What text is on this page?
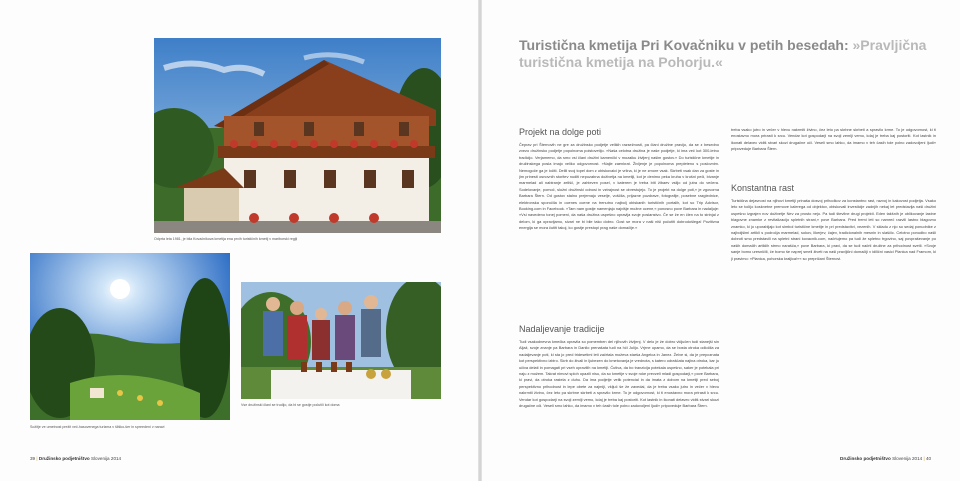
Odprta leta 1981, je bila Kovačnikova kmetija ena prvih turističnih kmetij v mariborski regiji
Sožitje ve umetnost prežit več-hasovenega turizma v šliško-šer in spreedeni v naravi
Vse družinski člani se trudijo, da bi se gostje počutili kot doma
39 | Družinsko podjetništvo Slovenija 2014
Turistična kmetija Pri Kovačniku v petih besedah: »Pravljična turistična kmetija na Pohorju.«
Projekt na dolge poti
Čeprav pri Šternovih ne gre za družinsko podjetje velikih razsežnosti, pa člani družine pravijo, da se z besedno zvezo družinsko podjetje popolnoma poistovetijo. »Naša celotna družina je naše podjetje, ki ima več kot 300-letno tradicijo. Verjamemo, da smo vsi člani družini kamenčki v mozaiku življenj našim gostov.« Do turistične kmetije in družinskega posla imajo veliko odgovornost. »Najle zaenkrat. Življenje je popolnoma prepleteno s poslovnim. Nemogoče ga je ločiti. Delili svoj topel dom z obiskovalci je vrlina, ki je ne zmore vsak. Skrbeti vsak dan za goste in jim prinesti osnovnih storitev nuditi nepozabna doživetja na kmetiji, kot je denimo peka kruha v krušni peči, bivanje marmelad ali nabiranje zelišč, je zahteven posel, v katerem je treba biti žibaev vsiljo od jutra do večera. Sodelovanje, pomoč, složni družinski odnosi in vztrajnost se obrestujejo. To je projekt na dolge poti,« je zgovorna Barbara Štern. Od gostov stalno prejemajo veselje, voščila, prijazne pozdrave, fotografije, posebne razglednice, elektronska sporočila in ocenes ocene na trenutno najbolj obiskanih turističnih portalih, kot so Trip Advisor, Booking.com in Facebook. »Tam nam gostje namenjajo najvišje možne ocene,« ponosno pove Barbara in nadaljuje: »Vsi navedeno tonej pomeni, da naša družina uspešno opravlja svoje poslanstvo. Če se že en člen na to strinjal z delom, ki ga opravljamo, sivari ne bi bile tako dobro. Gost se mora v naši niši počutiti dobrodošlega! Pozitivna energija se mora čutiti takoj, ko gostje prestopi prag naše domačije.«
Nadaljevanje tradicije
Tudi vsakodnevna kmečka opravila so pomemben del njihovih življenj. V delo je že dobro vključen tudi stanejši sin Aljaž, svoje znanje pa Barbara in Danilo prenašata tudi na hči Julijo. Vrjrne upamo, da se bosta otroka odločila za nadaljevanje poti, ki sta jo pred tridesetimi leti začrtala moževa starša Angelca in Janez. Želve si, da je prepoznata kot perspektivno izbiro. Skrb do živali in ljubezen do kmetovanja je vrednota, s katero odraščata najina otroka, kar ju učiva delati in pomagati pri vseh opravilih na kmetiji. Čutiva, da bo tranzicija potekala uspešno, saker je potekala pri naju z možem. Takrat nimovi sploh opazili nisu, da so kmetije v svoje roke prevzeli mladi gospodarji,« pove Barbara, ki pravi, da otroka rastela z duhu. Da ima podjetje velik potencial in da imata z dobom na kmetiji pred seboj perspektivno prihodnost in lepe obete za najmiji, vključ še že zavedai, da je treba vsako jutro in večer v hlevu nakrmiti živino, čez leto pa skrbne skrbeti a spravilo krme. To je odgovornost, ki ti enostavno mora prirasti k srcu. Vendar kot gospodarji na svoji zemlji vemo, kdaj je treba kaj postoriti. Kot lastnik in ikonati delavec vidiš stvari skozi drugačne oči. Veseli smo lahko, da imamo v teh časih tole polno zadovoljeni ljudi« pripoveduje Barbara Štern.
treba vsako jutro in večer v hlevu nakrmiti živino, čez leto pa skrbne skrbeti a spravilo krme. To je odgovornost, ki ti enostavno mora prirasti k srcu. Vendar kot gospodarji na svoji zemlji vemo, kdaj je treba kaj postoriti. Kot lastnik in ikonati delavec vidiš stvari skozi drugačne oči. Veseli smo lahko, da imamo v teh časih tole polno zadovoljeni ljudi« pripoveduje Barbara Štern.
Konstantna rast
Turistična dejavnost na njihovi kmetiji prinaša dosvoj prihodkov za konstantno rast, razvoj in kakovost podjetja. Vsako leto se točijo kosknetne premove kalerega od objektov, obiskovali investicije zadnjih nekaj let predstavlja naši družini uspešno izgrajen nov doživetje Nev za prosto nejo. Pa tudi številne drugi projekti. Eden takšnih je oblikovanje lastne blagovne znamke z revitalizacijo spletnih strani,« pove Barbara. Pred tremi leti so namreč razvili lastno blagovno znamko, ki jo uporabljajo kot simbol turistične kmetije in pri predstavitvi, vezenih. V skladu z njo so sedaj ponudnike z najboljšimi artikli s področja marmelad, sokov, likerjev, čajev, tradicionalnih mesnin in slaščic. Celotno ponudbo našli dobroti smo predstavili na spletni strani kovacnik.com, načrtujemo pa tudi že spletno trgovino, saj povpraševanje po naših domačih artiklih strmo narašča,« pove Barbara, ki pravi, da se tudi načrti družine za prihodnost svetli. »Svoje sanje bomo uresničili, če bomo še naprej smeli živeti na naši pravljični domačiji v idilični vasici Planica nad Framom, ki ji pravimo: »Planica, pohorska kraljica!«« so prepričani Šternovi.
Družinsko podjetništvo Slovenija 2014 | 40
